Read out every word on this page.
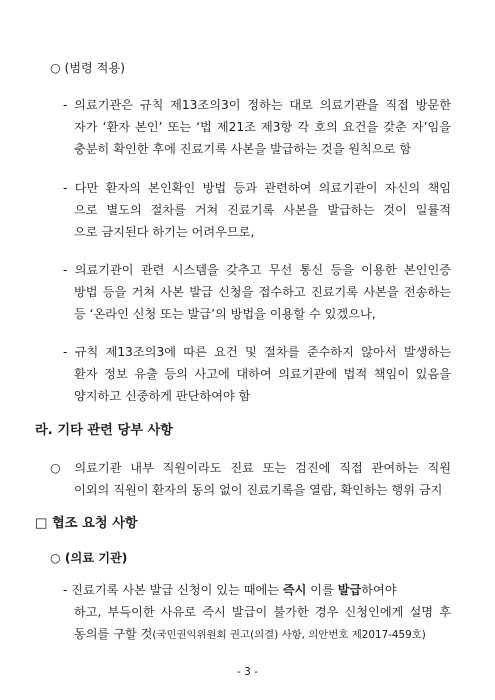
○ (범령 적용)
- 의료기관은 규칙 제13조의3이 정하는 대로 의료기관을 직접 방문한
자가 ‘환자 본인’ 또는 ‘법 제21조 제3항 각 호의 요건을 갖춘 자’임을
충분히 확인한 후에 진료기록 사본을 발급하는 것을 원칙으로 함
- 다만 환자의 본인확인 방법 등과 관련하여 의료기관이 자신의 책임
으로 별도의 절차를 거쳐 진료기록 사본을 발급하는 것이 일률적
으로 금지된다 하기는 어려우므로,
- 의료기관이 관련 시스템을 갖추고 무선 통신 등을 이용한 본인인증
방법 등을 거쳐 사본 발급 신청을 접수하고 진료기록 사본을 전송하는
등 ‘온라인 신청 또는 발급’의 방법을 이용할 수 있겠으나,
- 규칙 제13조의3에 따른 요건 및 절차를 준수하지 않아서 발생하는
환자 정보 유출 등의 사고에 대하여 의료기관에 법적 책임이 있음을
양지하고 신중하게 판단하여야 함
라. 기타 관련 당부 사항
○ 의료기관 내부 직원이라도 진료 또는 검진에 직접 관여하는 직원
이외의 직원이 환자의 동의 없이 진료기록을 열람, 확인하는 행위 금지
□ 협조 요청 사항
○ (의료 기관)
- 진료기록 사본 발급 신청이 있는 때에는 즉시 이를 발급하여야
하고, 부득이한 사유로 즉시 발급이 불가한 경우 신청인에게 설명 후
동의를 구할 것(국민권익위원회 권고(의결) 사항, 의안번호 제2017-459호)
- 3 -
